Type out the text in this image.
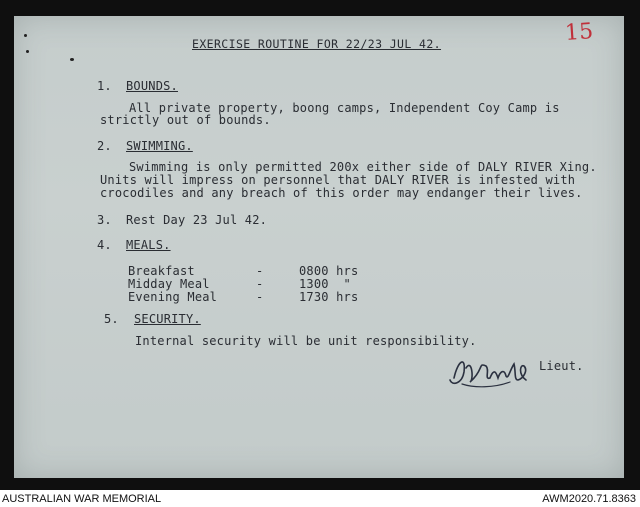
15
EXERCISE ROUTINE FOR 22/23 JUL 42.
1. BOUNDS.
All private property, boong camps, Independent Coy Camp is
strictly out of bounds.
2. SWIMMING.
Swimming is only permitted 200x either side of DALY RIVER Xing.
Units will impress on personnel that DALY RIVER is infested with
crocodiles and any breach of this order may endanger their lives.
3. Rest Day 23 Jul 42.
4. MEALS.
Breakfast	-	0800 hrs
Midday Meal	-	1300  "
Evening Meal	-	1730 hrs
5. SECURITY.
Internal security will be unit responsibility.
Lieut.
AUSTRALIAN WAR MEMORIAL	AWM2020.71.8363
